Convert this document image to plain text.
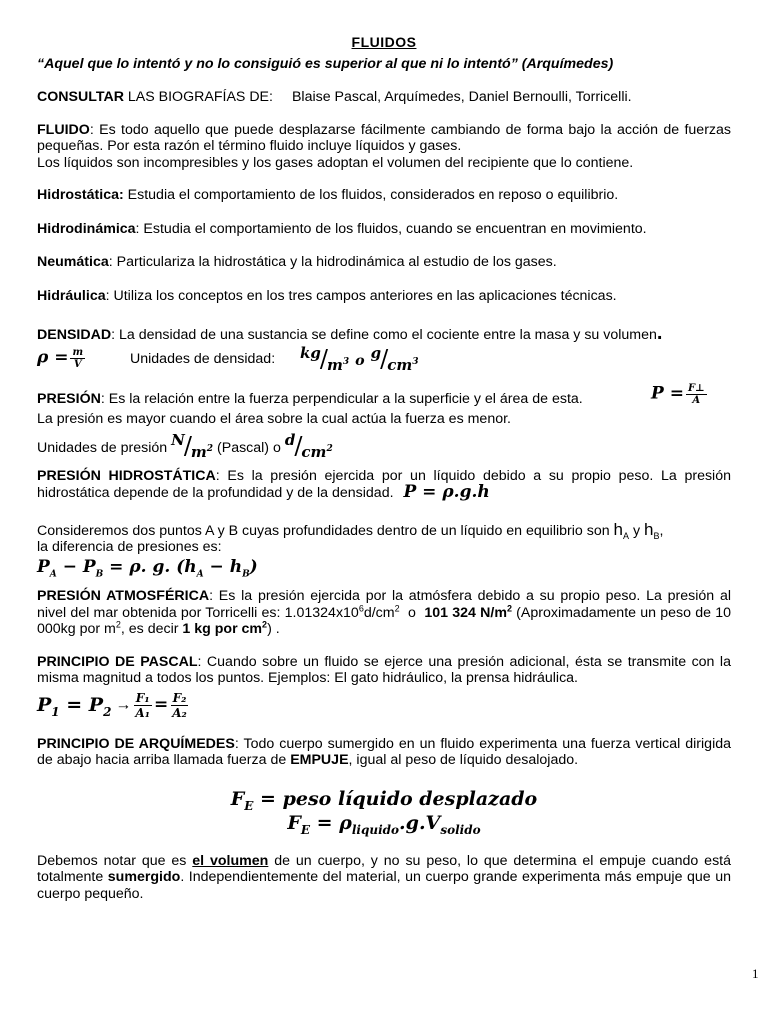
FLUIDOS

“Aquel que lo intentó y no lo consiguió es superior al que ni lo intentó” (Arquímedes)

CONSULTAR LAS BIOGRAFÍAS DE: Blaise Pascal, Arquímedes, Daniel Bernoulli, Torricelli.

FLUIDO: Es todo aquello que puede desplazarse fácilmente cambiando de forma bajo la acción de fuerzas pequeñas. Por esta razón el término fluido incluye líquidos y gases.

Los líquidos son incompresibles y los gases adoptan el volumen del recipiente que lo contiene.

Hidrostática: Estudia el comportamiento de los fluidos, considerados en reposo o equilibrio.

Hidrodinámica: Estudia el comportamiento de los fluidos, cuando se encuentran en movimiento.

Neumática: Particulariza la hidrostática y la hidrodinámica al estudio de los gases.

Hidráulica: Utiliza los conceptos en los tres campos anteriores en las aplicaciones técnicas.

DENSIDAD: La densidad de una sustancia se define como el cociente entre la masa y su volumen.

$\rho = \frac{m}{V}$	Unidades de densidad: $kg/m^3$ o $g/cm^3$

PRESIÓN: Es la relación entre la fuerza perpendicular a la superficie y el área de esta.	$P = \frac{F\perp}{A}$

La presión es mayor cuando el área sobre la cual actúa la fuerza es menor.

Unidades de presión $N/m^2$ (Pascal) o $d/cm^2$

PRESIÓN HIDROSTÁTICA: Es la presión ejercida por un líquido debido a su propio peso. La presión hidrostática depende de la profundidad y de la densidad. P = ρ.g.h

Consideremos dos puntos A y B cuyas profundidades dentro de un líquido en equilibrio son $h_A$ y $h_B$,

la diferencia de presiones es:

$P_A - P_B = \rho$. g. $(h_A - h_B)$

PRESIÓN ATMOSFÉRICA: Es la presión ejercida por la atmósfera debido a su propio peso. La presión al nivel del mar obtenida por Torricelli es: $1.01324x10^6d/cm^2$  o  101 324 $N/m^2$ (Aproximadamente un peso de 10 000kg por $m^2$, es decir 1 kg por $cm^2$) .

PRINCIPIO DE PASCAL: Cuando sobre un fluido se ejerce una presión adicional, ésta se transmite con la misma magnitud a todos los puntos. Ejemplos: El gato hidráulico, la prensa hidráulica.

$P_1 = P_2 \to \frac{\text{F₁}}{\text{A₁}} = \frac{\text{F₂}}{\text{A₂}}$

PRINCIPIO DE ARQUÍMEDES: Todo cuerpo sumergido en un fluido experimenta una fuerza vertical dirigida de abajo hacia arriba llamada fuerza de EMPUJE, igual al peso de líquido desalojado.

$F_E$ = peso líquido desplazado

$F_E = \rho_{liquido}.g.V_{solido}$

Debemos notar que es el volumen de un cuerpo, y no su peso, lo que determina el empuje cuando está totalmente sumergido. Independientemente del material, un cuerpo grande experimenta más empuje que un cuerpo pequeño.

1
